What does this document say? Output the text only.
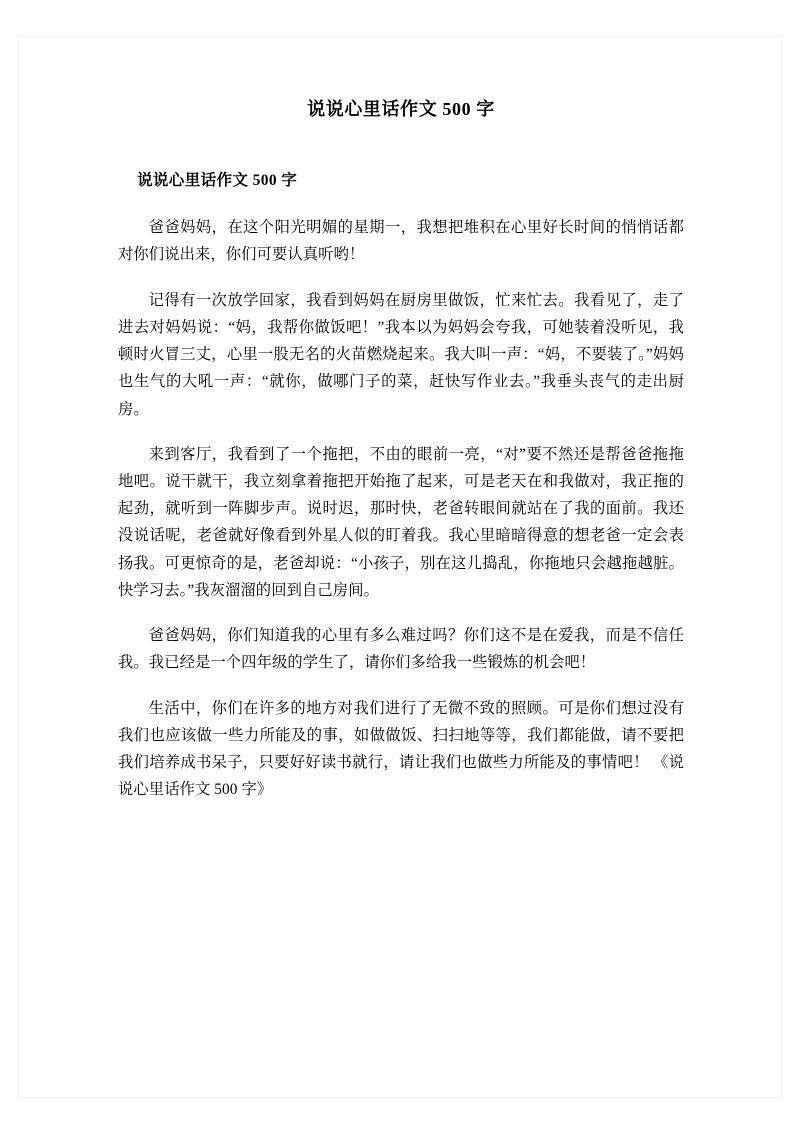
说说心里话作文 500 字
说说心里话作文 500 字

爸爸妈妈，在这个阳光明媚的星期一，我想把堆积在心里好长时间的悄悄话都对你们说出来，你们可要认真听哟！

记得有一次放学回家，我看到妈妈在厨房里做饭，忙来忙去。我看见了，走了进去对妈妈说：“妈，我帮你做饭吧！”我本以为妈妈会夸我，可她装着没听见，我顿时火冒三丈，心里一股无名的火苗燃烧起来。我大叫一声：“妈，不要装了。”妈妈也生气的大吼一声：“就你，做哪门子的菜，赶快写作业去。”我垂头丧气的走出厨房。

来到客厅，我看到了一个拖把，不由的眼前一亮，“对”要不然还是帮爸爸拖拖地吧。说干就干，我立刻拿着拖把开始拖了起来，可是老天在和我做对，我正拖的起劲，就听到一阵脚步声。说时迟，那时快，老爸转眼间就站在了我的面前。我还没说话呢，老爸就好像看到外星人似的盯着我。我心里暗暗得意的想老爸一定会表扬我。可更惊奇的是，老爸却说：“小孩子，别在这儿捣乱，你拖地只会越拖越脏。快学习去。”我灰溜溜的回到自己房间。

爸爸妈妈，你们知道我的心里有多么难过吗？你们这不是在爱我，而是不信任我。我已经是一个四年级的学生了，请你们多给我一些锻炼的机会吧！

生活中，你们在许多的地方对我们进行了无微不致的照顾。可是你们想过没有我们也应该做一些力所能及的事，如做做饭、扫扫地等等，我们都能做，请不要把我们培养成书呆子，只要好好读书就行，请让我们也做些力所能及的事情吧！ 《说说心里话作文 500 字》
